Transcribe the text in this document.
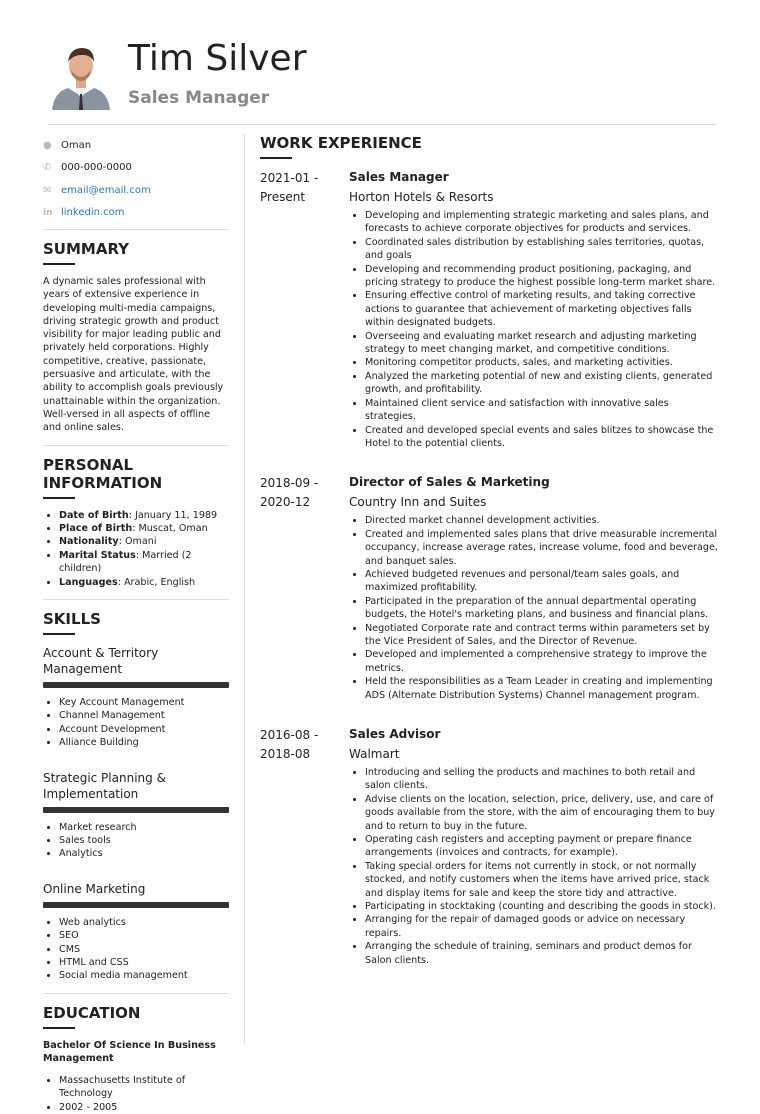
Tim Silver
Sales Manager
● Oman
✆ 000-000-0000
✉ email@email.com
in linkedin.com
SUMMARY
A dynamic sales professional with years of extensive experience in developing multi-media campaigns, driving strategic growth and product visibility for major leading public and privately held corporations. Highly competitive, creative, passionate, persuasive and articulate, with the ability to accomplish goals previously unattainable within the organization. Well-versed in all aspects of offline and online sales.
PERSONAL INFORMATION
• Date of Birth: January 11, 1989
• Place of Birth: Muscat, Oman
• Nationality: Omani
• Marital Status: Married (2 children)
• Languages: Arabic, English
SKILLS
Account & Territory Management
• Key Account Management
• Channel Management
• Account Development
• Alliance Building
Strategic Planning & Implementation
• Market research
• Sales tools
• Analytics
Online Marketing
• Web analytics
• SEO
• CMS
• HTML and CSS
• Social media management
EDUCATION
Bachelor Of Science In Business Management
• Massachusetts Institute of Technology
• 2002 - 2005
WORK EXPERIENCE
2021-01 - Present
Sales Manager
Horton Hotels & Resorts
• Developing and implementing strategic marketing and sales plans, and forecasts to achieve corporate objectives for products and services.
• Coordinated sales distribution by establishing sales territories, quotas, and goals
• Developing and recommending product positioning, packaging, and pricing strategy to produce the highest possible long-term market share.
• Ensuring effective control of marketing results, and taking corrective actions to guarantee that achievement of marketing objectives falls within designated budgets.
• Overseeing and evaluating market research and adjusting marketing strategy to meet changing market, and competitive conditions.
• Monitoring competitor products, sales, and marketing activities.
• Analyzed the marketing potential of new and existing clients, generated growth, and profitability.
• Maintained client service and satisfaction with innovative sales strategies.
• Created and developed special events and sales blitzes to showcase the Hotel to the potential clients.
2018-09 - 2020-12
Director of Sales & Marketing
Country Inn and Suites
• Directed market channel development activities.
• Created and implemented sales plans that drive measurable incremental occupancy, increase average rates, increase volume, food and beverage, and banquet sales.
• Achieved budgeted revenues and personal/team sales goals, and maximized profitability.
• Participated in the preparation of the annual departmental operating budgets, the Hotel's marketing plans, and business and financial plans.
• Negotiated Corporate rate and contract terms within parameters set by the Vice President of Sales, and the Director of Revenue.
• Developed and implemented a comprehensive strategy to improve the metrics.
• Held the responsibilities as a Team Leader in creating and implementing ADS (Alternate Distribution Systems) Channel management program.
2016-08 - 2018-08
Sales Advisor
Walmart
• Introducing and selling the products and machines to both retail and salon clients.
• Advise clients on the location, selection, price, delivery, use, and care of goods available from the store, with the aim of encouraging them to buy and to return to buy in the future.
• Operating cash registers and accepting payment or prepare finance arrangements (invoices and contracts, for example).
• Taking special orders for items not currently in stock, or not normally stocked, and notify customers when the items have arrived price, stack and display items for sale and keep the store tidy and attractive.
• Participating in stocktaking (counting and describing the goods in stock).
• Arranging for the repair of damaged goods or advice on necessary repairs.
• Arranging the schedule of training, seminars and product demos for Salon clients.
